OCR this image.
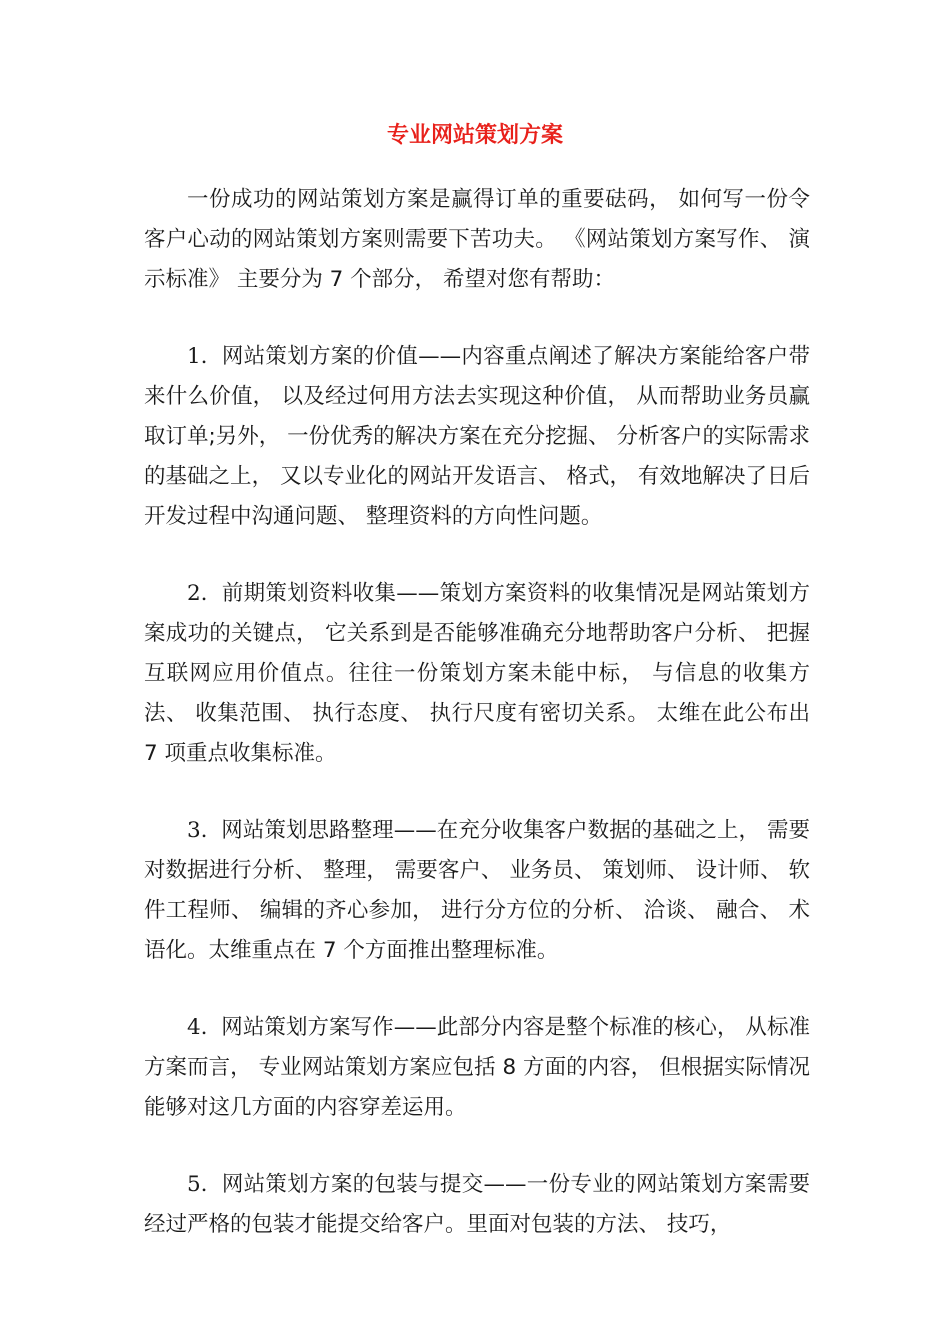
专业网站策划方案

一份成功的网站策划方案是赢得订单的重要砝码， 如何写一份令客户心动的网站策划方案则需要下苦功夫。 《网站策划方案写作、 演示标准》 主要分为 7 个部分， 希望对您有帮助：

1. 网站策划方案的价值——内容重点阐述了解决方案能给客户带来什么价值， 以及经过何用方法去实现这种价值， 从而帮助业务员赢取订单;另外， 一份优秀的解决方案在充分挖掘、 分析客户的实际需求的基础之上， 又以专业化的网站开发语言、 格式， 有效地解决了日后开发过程中沟通问题、 整理资料的方向性问题。

2. 前期策划资料收集——策划方案资料的收集情况是网站策划方案成功的关键点， 它关系到是否能够准确充分地帮助客户分析、 把握互联网应用价值点。往往一份策划方案未能中标， 与信息的收集方法、 收集范围、 执行态度、 执行尺度有密切关系。 太维在此公布出 7 项重点收集标准。

3. 网站策划思路整理——在充分收集客户数据的基础之上， 需要对数据进行分析、 整理， 需要客户、 业务员、 策划师、 设计师、 软件工程师、 编辑的齐心参加， 进行分方位的分析、 洽谈、 融合、 术语化。太维重点在 7 个方面推出整理标准。

4. 网站策划方案写作——此部分内容是整个标准的核心， 从标准方案而言， 专业网站策划方案应包括 8 方面的内容， 但根据实际情况能够对这几方面的内容穿差运用。

5. 网站策划方案的包装与提交——一份专业的网站策划方案需要经过严格的包装才能提交给客户。里面对包装的方法、 技巧，
